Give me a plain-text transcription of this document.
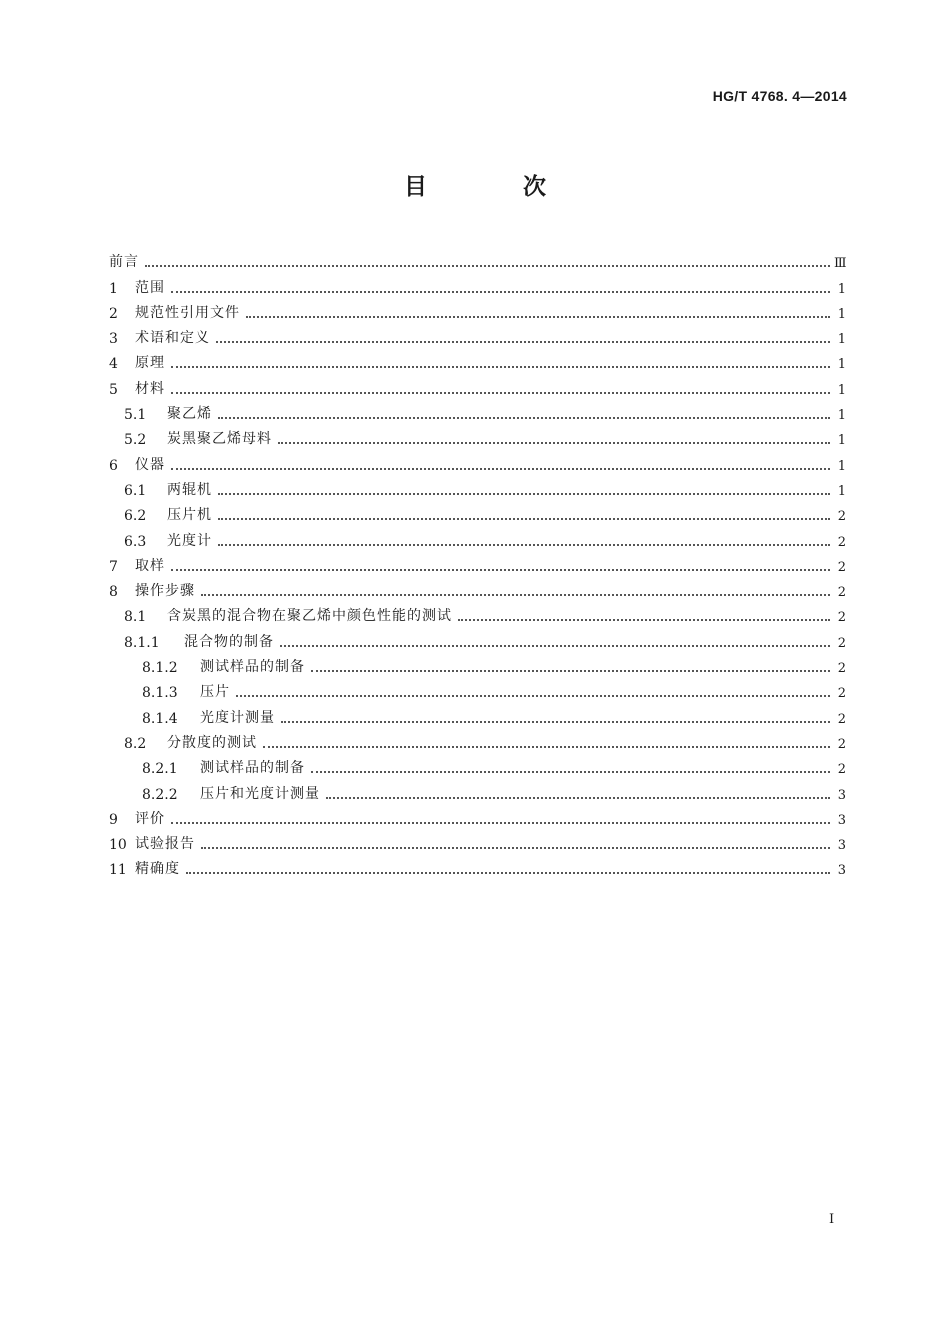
HG/T 4768. 4—2014
目 次
前言	Ⅲ
1	范围	1
2	规范性引用文件	1
3	术语和定义	1
4	原理	1
5	材料	1
5.1	聚乙烯	1
5.2	炭黑聚乙烯母料	1
6	仪器	1
6.1	两辊机	1
6.2	压片机	2
6.3	光度计	2
7	取样	2
8	操作步骤	2
8.1	含炭黑的混合物在聚乙烯中颜色性能的测试	2
8.1.1	混合物的制备	2
8.1.2	测试样品的制备	2
8.1.3	压片	2
8.1.4	光度计测量	2
8.2	分散度的测试	2
8.2.1	测试样品的制备	2
8.2.2	压片和光度计测量	3
9	评价	3
10 试验报告	3
11 精确度	3
Ⅰ
